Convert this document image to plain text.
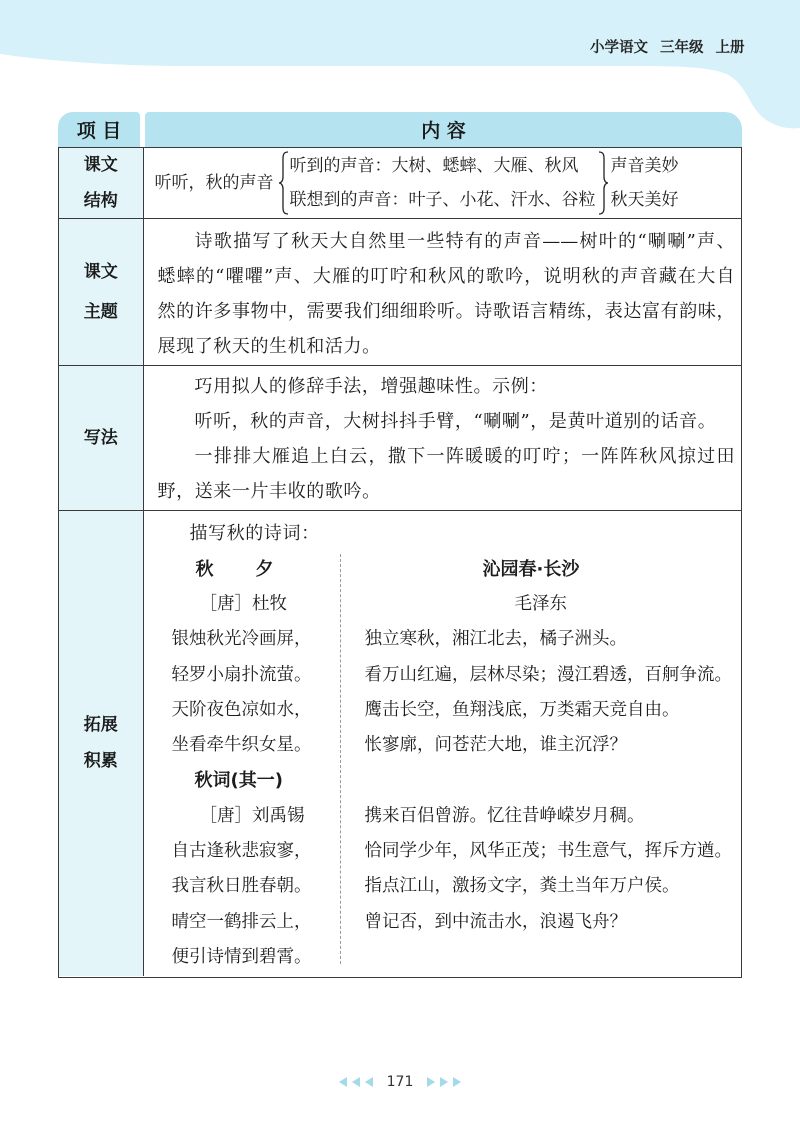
小学语文 三年级 上册
项 目	内 容
课文
结构
听听，秋的声音
听到的声音：大树、蟋蟀、大雁、秋风
联想到的声音：叶子、小花、汗水、谷粒
声音美妙
秋天美好
课文
主题
诗歌描写了秋天大自然里一些特有的声音——树叶的“唰唰”声、
蟋蟀的“㘗㘗”声、大雁的叮咛和秋风的歌吟，说明秋的声音藏在大自
然的许多事物中，需要我们细细聆听。诗歌语言精练，表达富有韵味，
展现了秋天的生机和活力。
写法
巧用拟人的修辞手法，增强趣味性。示例：
听听，秋的声音，大树抖抖手臂，“唰唰”，是黄叶道别的话音。
一排排大雁追上白云，撒下一阵暖暖的叮咛；一阵阵秋风掠过田
野，送来一片丰收的歌吟。
拓展
积累
描写秋的诗词：
秋　夕
［唐］杜牧
银烛秋光冷画屏，
轻罗小扇扑流萤。
天阶夜色凉如水，
坐看牵牛织女星。
秋词(其一)
［唐］刘禹锡
自古逢秋悲寂寥，
我言秋日胜春朝。
晴空一鹤排云上，
便引诗情到碧霄。
沁园春·长沙
毛泽东
独立寒秋，湘江北去，橘子洲头。
看万山红遍，层林尽染；漫江碧透，百舸争流。
鹰击长空，鱼翔浅底，万类霜天竞自由。
怅寥廓，问苍茫大地，谁主沉浮？
携来百侣曾游。忆往昔峥嵘岁月稠。
恰同学少年，风华正茂；书生意气，挥斥方遒。
指点江山，激扬文字，粪土当年万户侯。
曾记否，到中流击水，浪遏飞舟？
171
